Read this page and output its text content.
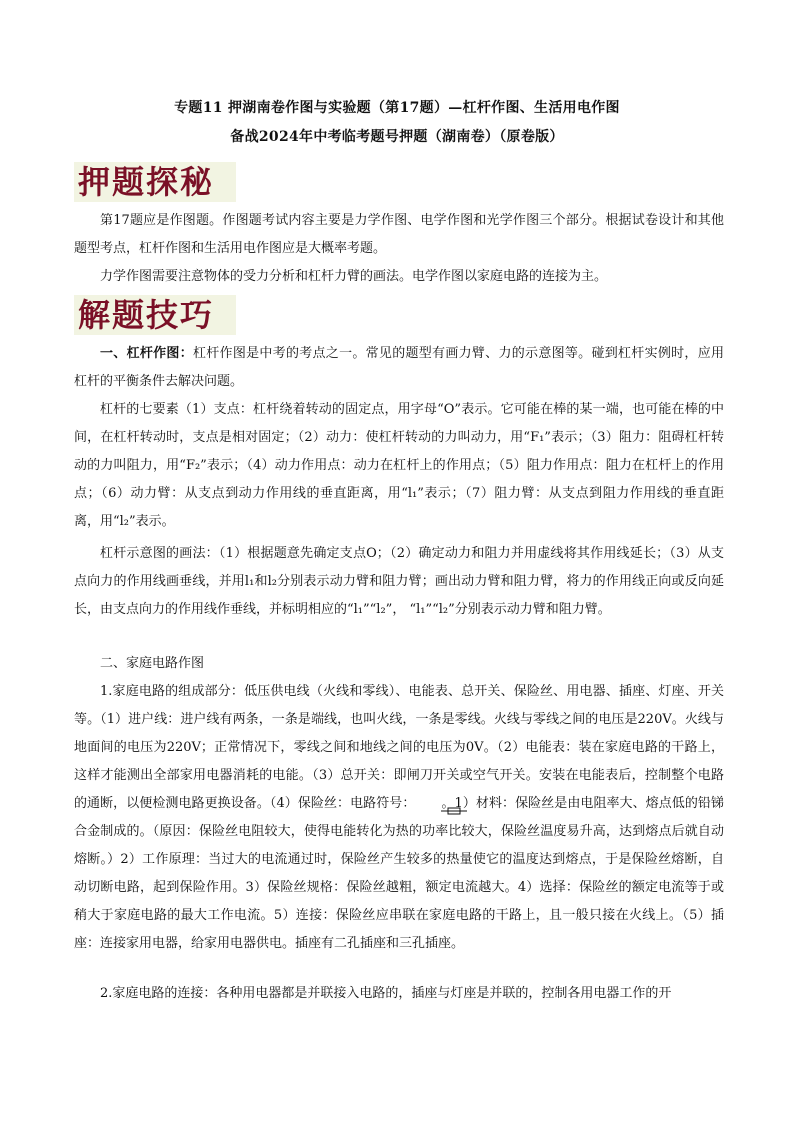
专题11 押湖南卷作图与实验题（第17题）—杠杆作图、生活用电作图
备战2024年中考临考题号押题（湖南卷）（原卷版）
押题探秘

第17题应是作图题。作图题考试内容主要是力学作图、电学作图和光学作图三个部分。根据试卷设计和其他题型考点，杠杆作图和生活用电作图应是大概率考题。

力学作图需要注意物体的受力分析和杠杆力臂的画法。电学作图以家庭电路的连接为主。

解题技巧

一、杠杆作图：杠杆作图是中考的考点之一。常见的题型有画力臂、力的示意图等。碰到杠杆实例时，应用杠杆的平衡条件去解决问题。

杠杆的七要素（1）支点：杠杆绕着转动的固定点，用字母“O”表示。它可能在棒的某一端，也可能在棒的中间，在杠杆转动时，支点是相对固定；（2）动力：使杠杆转动的力叫动力，用“F₁”表示；（3）阻力：阻碍杠杆转动的力叫阻力，用“F₂”表示；（4）动力作用点：动力在杠杆上的作用点；（5）阻力作用点：阻力在杠杆上的作用点；（6）动力臂：从支点到动力作用线的垂直距离，用“l₁”表示；（7）阻力臂：从支点到阻力作用线的垂直距离，用“l₂”表示。

杠杆示意图的画法：（1）根据题意先确定支点O；（2）确定动力和阻力并用虚线将其作用线延长；（3）从支点向力的作用线画垂线，并用l₁和l₂分别表示动力臂和阻力臂；画出动力臂和阻力臂，将力的作用线正向或反向延长，由支点向力的作用线作垂线，并标明相应的“l₁”“l₂”， “l₁”“l₂”分别表示动力臂和阻力臂。

二、家庭电路作图

1.家庭电路的组成部分：低压供电线（火线和零线）、电能表、总开关、保险丝、用电器、插座、灯座、开关等。（1）进户线：进户线有两条，一条是端线，也叫火线，一条是零线。火线与零线之间的电压是220V。火线与地面间的电压为220V；正常情况下，零线之间和地线之间的电压为0V。（2）电能表：装在家庭电路的干路上，这样才能测出全部家用电器消耗的电能。（3）总开关：即闸刀开关或空气开关。安装在电能表后，控制整个电路的通断，以便检测电路更换设备。（4）保险丝：电路符号： 。1）材料：保险丝是由电阻率大、熔点低的铅锑合金制成的。（原因：保险丝电阻较大，使得电能转化为热的功率比较大，保险丝温度易升高，达到熔点后就自动熔断。）2）工作原理：当过大的电流通过时，保险丝产生较多的热量使它的温度达到熔点，于是保险丝熔断，自动切断电路，起到保险作用。3）保险丝规格：保险丝越粗，额定电流越大。4）选择：保险丝的额定电流等于或稍大于家庭电路的最大工作电流。5）连接：保险丝应串联在家庭电路的干路上，且一般只接在火线上。（5）插座：连接家用电器，给家用电器供电。插座有二孔插座和三孔插座。

2.家庭电路的连接：各种用电器都是并联接入电路的，插座与灯座是并联的，控制各用电器工作的开
